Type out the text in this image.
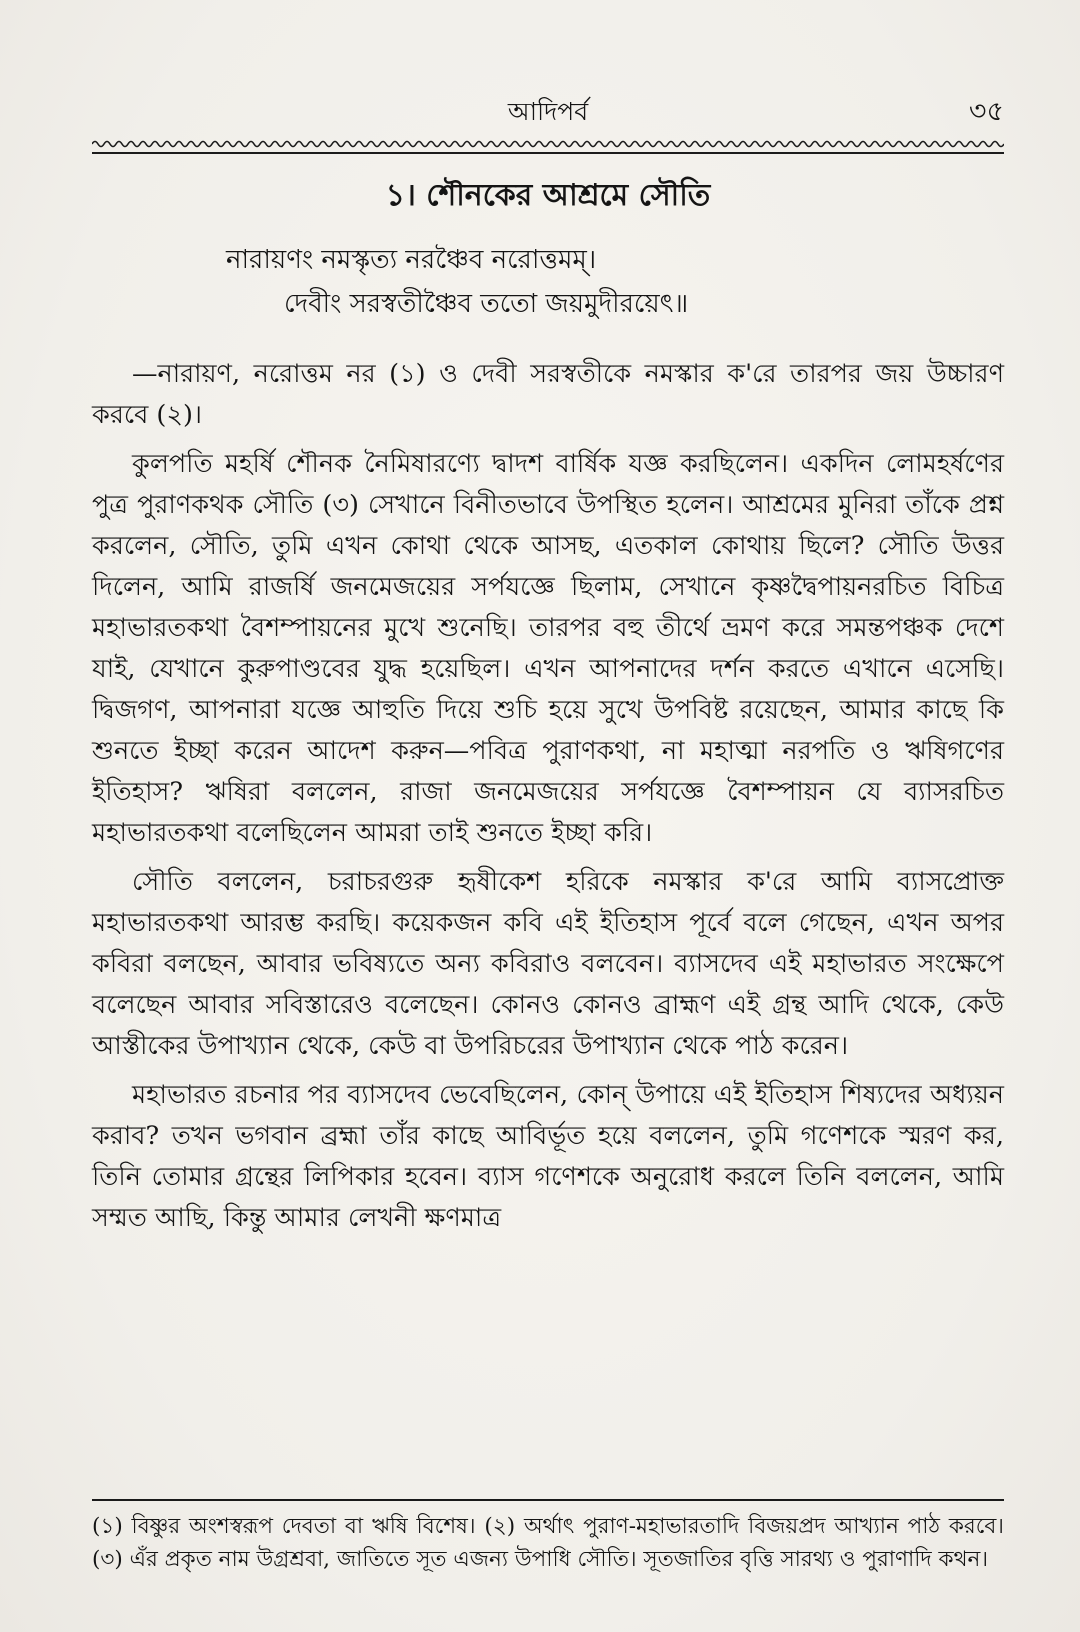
আদিপর্ব	৩৫
১। শৌনকের আশ্রমে সৌতি
নারায়ণং নমস্কৃত্য নরঞ্চৈব নরোত্তমম্।
দেবীং সরস্বতীঞ্চৈব ততো জয়মুদীরয়েৎ॥

—নারায়ণ, নরোত্তম নর (১) ও দেবী সরস্বতীকে নমস্কার ক'রে তারপর জয় উচ্চারণ করবে (২)।

কুলপতি মহর্ষি শৌনক নৈমিষারণ্যে দ্বাদশ বার্ষিক যজ্ঞ করছিলেন। একদিন লোমহর্ষণের পুত্র পুরাণকথক সৌতি (৩) সেখানে বিনীতভাবে উপস্থিত হলেন। আশ্রমের মুনিরা তাঁকে প্রশ্ন করলেন, সৌতি, তুমি এখন কোথা থেকে আসছ, এতকাল কোথায় ছিলে? সৌতি উত্তর দিলেন, আমি রাজর্ষি জনমেজয়ের সর্পযজ্ঞে ছিলাম, সেখানে কৃষ্ণদ্বৈপায়নরচিত বিচিত্র মহাভারতকথা বৈশম্পায়নের মুখে শুনেছি। তারপর বহু তীর্থে ভ্রমণ করে সমন্তপঞ্চক দেশে যাই, যেখানে কুরুপাণ্ডবের যুদ্ধ হয়েছিল। এখন আপনাদের দর্শন করতে এখানে এসেছি। দ্বিজগণ, আপনারা যজ্ঞে আহুতি দিয়ে শুচি হয়ে সুখে উপবিষ্ট রয়েছেন, আমার কাছে কি শুনতে ইচ্ছা করেন আদেশ করুন—পবিত্র পুরাণকথা, না মহাত্মা নরপতি ও ঋষিগণের ইতিহাস? ঋষিরা বললেন, রাজা জনমেজয়ের সর্পযজ্ঞে বৈশম্পায়ন যে ব্যাসরচিত মহাভারতকথা বলেছিলেন আমরা তাই শুনতে ইচ্ছা করি।

সৌতি বললেন, চরাচরগুরু হৃষীকেশ হরিকে নমস্কার ক'রে আমি ব্যাসপ্রোক্ত মহাভারতকথা আরম্ভ করছি। কয়েকজন কবি এই ইতিহাস পূর্বে বলে গেছেন, এখন অপর কবিরা বলছেন, আবার ভবিষ্যতে অন্য কবিরাও বলবেন। ব্যাসদেব এই মহাভারত সংক্ষেপে বলেছেন আবার সবিস্তারেও বলেছেন। কোনও কোনও ব্রাহ্মণ এই গ্রন্থ আদি থেকে, কেউ আস্তীকের উপাখ্যান থেকে, কেউ বা উপরিচরের উপাখ্যান থেকে পাঠ করেন।

মহাভারত রচনার পর ব্যাসদেব ভেবেছিলেন, কোন্ উপায়ে এই ইতিহাস শিষ্যদের অধ্যয়ন করাব? তখন ভগবান ব্রহ্মা তাঁর কাছে আবির্ভূত হয়ে বললেন, তুমি গণেশকে স্মরণ কর, তিনি তোমার গ্রন্থের লিপিকার হবেন। ব্যাস গণেশকে অনুরোধ করলে তিনি বললেন, আমি সম্মত আছি, কিন্তু আমার লেখনী ক্ষণমাত্র

(১) বিষ্ণুর অংশস্বরূপ দেবতা বা ঋষি বিশেষ। (২) অর্থাৎ পুরাণ-মহাভারতাদি বিজয়প্রদ আখ্যান পাঠ করবে। (৩) এঁর প্রকৃত নাম উগ্রশ্রবা, জাতিতে সূত এজন্য উপাধি সৌতি। সূতজাতির বৃত্তি সারথ্য ও পুরাণাদি কথন।
